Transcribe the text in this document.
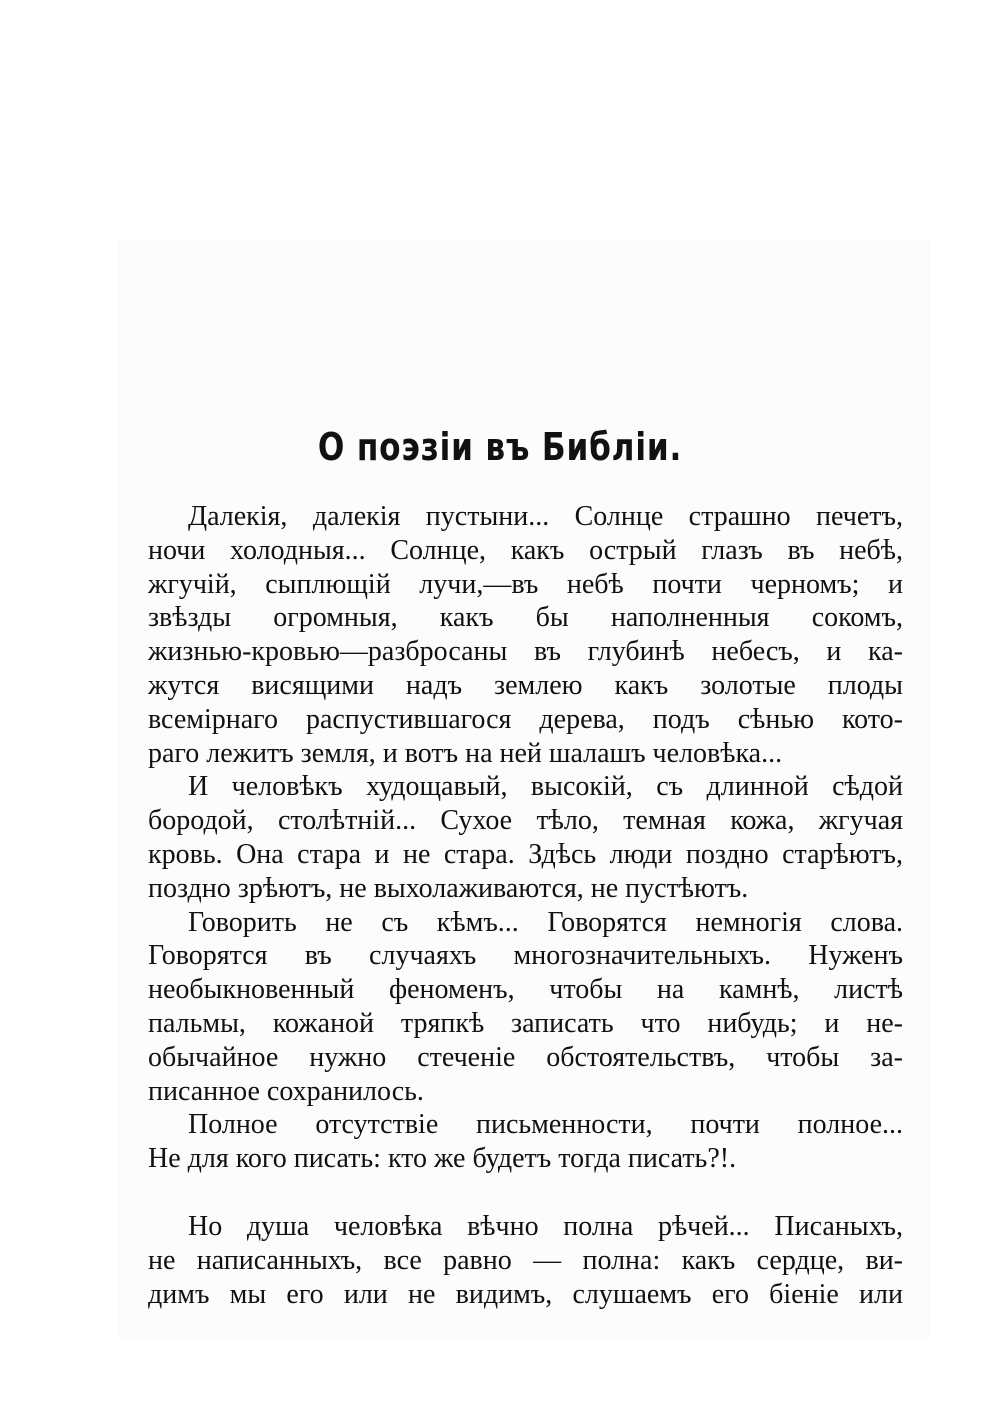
О поэзіи въ Библіи.
Далекія, далекія пустыни... Солнце страшно печетъ,
ночи холодныя... Солнце, какъ острый глазъ въ небѣ,
жгучій, сыплющій лучи,—въ небѣ почти черномъ; и
звѣзды огромныя, какъ бы наполненныя сокомъ,
жизнью-кровью—разбросаны въ глубинѣ небесъ, и ка-
жутся висящими надъ землею какъ золотые плоды
всемірнаго распустившагося дерева, подъ сѣнью кото-
раго лежитъ земля, и вотъ на ней шалашъ человѣка...
И человѣкъ худощавый, высокій, съ длинной сѣдой
бородой, столѣтній... Сухое тѣло, темная кожа, жгучая
кровь. Она стара и не стара. Здѣсь люди поздно старѣютъ,
поздно зрѣютъ, не выхолаживаются, не пустѣютъ.
Говорить не съ кѣмъ... Говорятся немногія слова.
Говорятся въ случаяхъ многозначительныхъ. Нуженъ
необыкновенный феноменъ, чтобы на камнѣ, листѣ
пальмы, кожаной тряпкѣ записать что нибудь; и не-
обычайное нужно стеченіе обстоятельствъ, чтобы за-
писанное сохранилось.
Полное отсутствіе письменности, почти полное...
Не для кого писать: кто же будетъ тогда писать?!.
Но душа человѣка вѣчно полна рѣчей... Писаныхъ,
не написанныхъ, все равно — полна: какъ сердце, ви-
димъ мы его или не видимъ, слушаемъ его біеніе или
